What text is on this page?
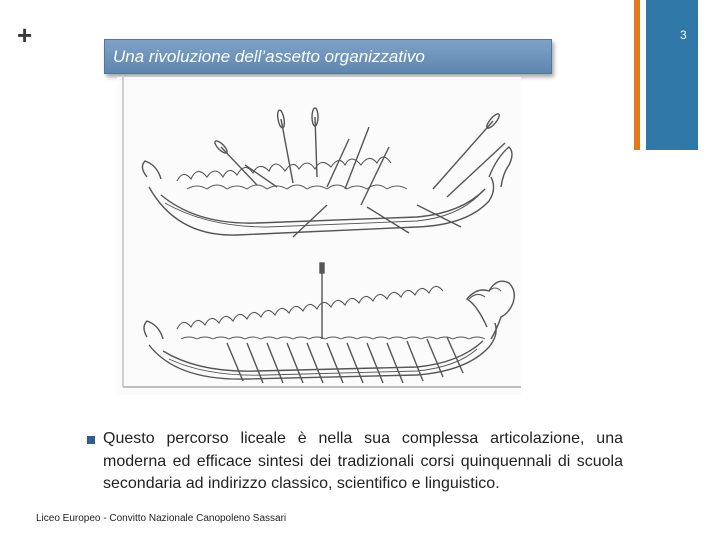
+	3
Una rivoluzione dell’assetto organizzativo
Questo percorso liceale è nella sua complessa articolazione, una moderna ed efficace sintesi dei tradizionali corsi quinquennali di scuola secondaria ad indirizzo classico, scientifico e linguistico.
Liceo Europeo - Convitto Nazionale Canopoleno Sassari
